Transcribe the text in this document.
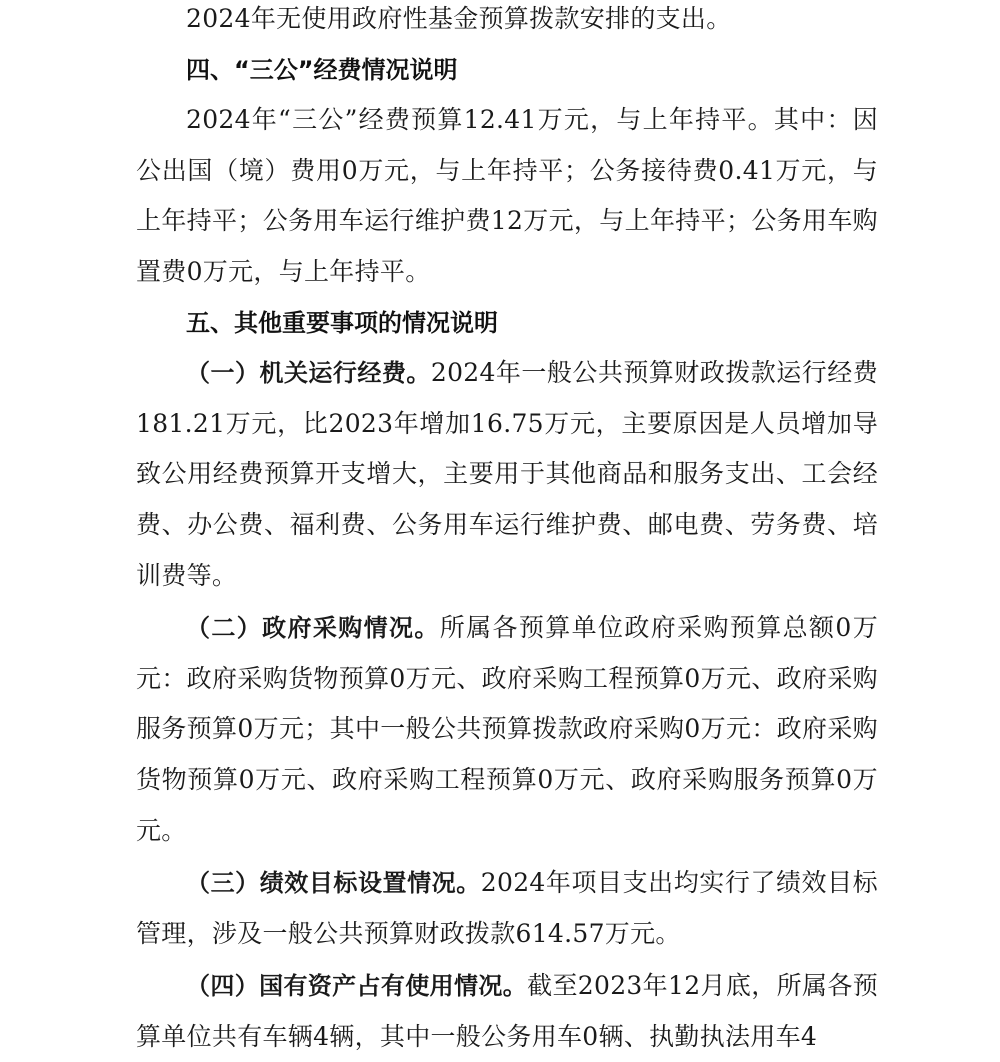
2024年无使用政府性基金预算拨款安排的支出。

四、“三公”经费情况说明

2024年“三公”经费预算12.41万元，与上年持平。其中：因公出国（境）费用0万元，与上年持平；公务接待费0.41万元，与上年持平；公务用车运行维护费12万元，与上年持平；公务用车购置费0万元，与上年持平。

五、其他重要事项的情况说明

（一）机关运行经费。2024年一般公共预算财政拨款运行经费181.21万元，比2023年增加16.75万元，主要原因是人员增加导致公用经费预算开支增大，主要用于其他商品和服务支出、工会经费、办公费、福利费、公务用车运行维护费、邮电费、劳务费、培训费等。

（二）政府采购情况。所属各预算单位政府采购预算总额0万元：政府采购货物预算0万元、政府采购工程预算0万元、政府采购服务预算0万元；其中一般公共预算拨款政府采购0万元：政府采购货物预算0万元、政府采购工程预算0万元、政府采购服务预算0万元。

（三）绩效目标设置情况。2024年项目支出均实行了绩效目标管理，涉及一般公共预算财政拨款614.57万元。

（四）国有资产占有使用情况。截至2023年12月底，所属各预算单位共有车辆4辆，其中一般公务用车0辆、执勤执法用车4
